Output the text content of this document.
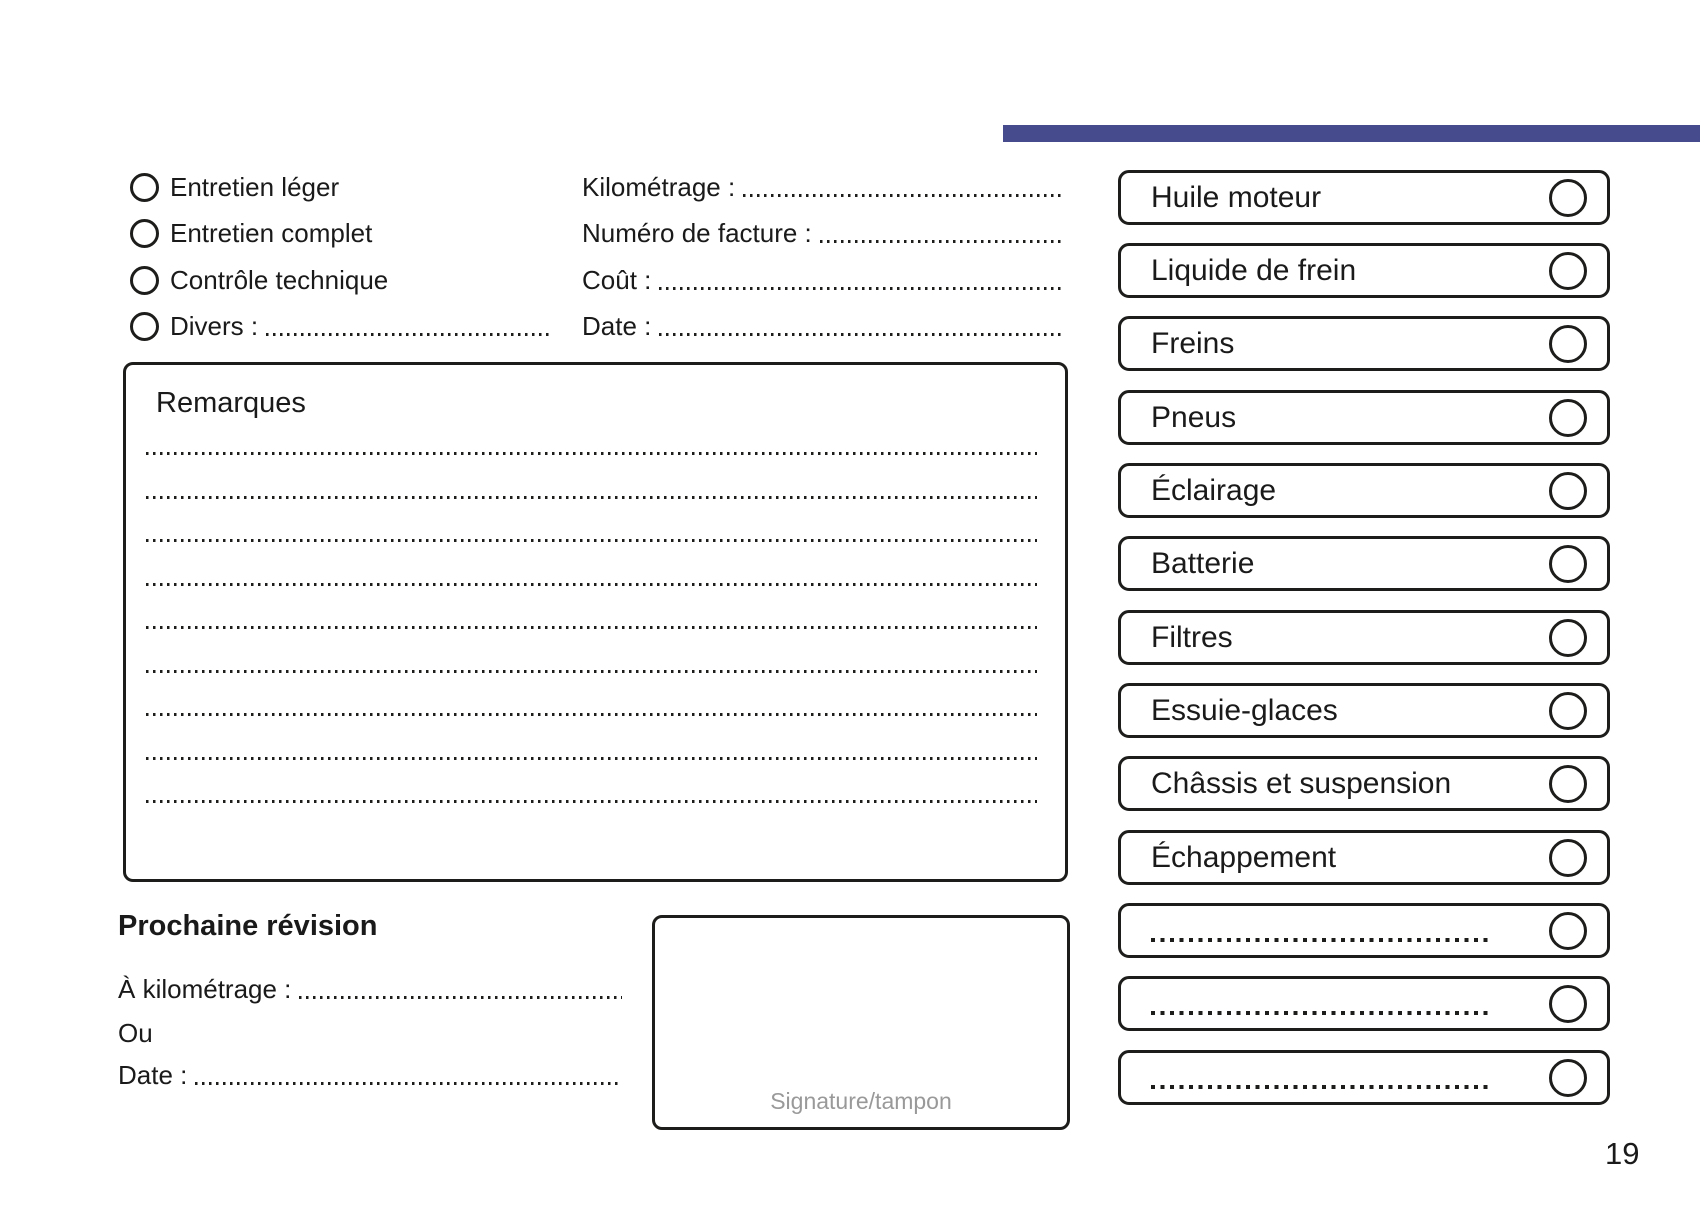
Entretien léger
Entretien complet
Contrôle technique
Divers :
Kilométrage :
Numéro de facture :
Coût :
Date :
Remarques
Prochaine révision
À kilométrage :
Ou
Date :
Signature/tampon
Huile moteur
Liquide de frein
Freins
Pneus
Éclairage
Batterie
Filtres
Essuie-glaces
Châssis et suspension
Échappement
19
